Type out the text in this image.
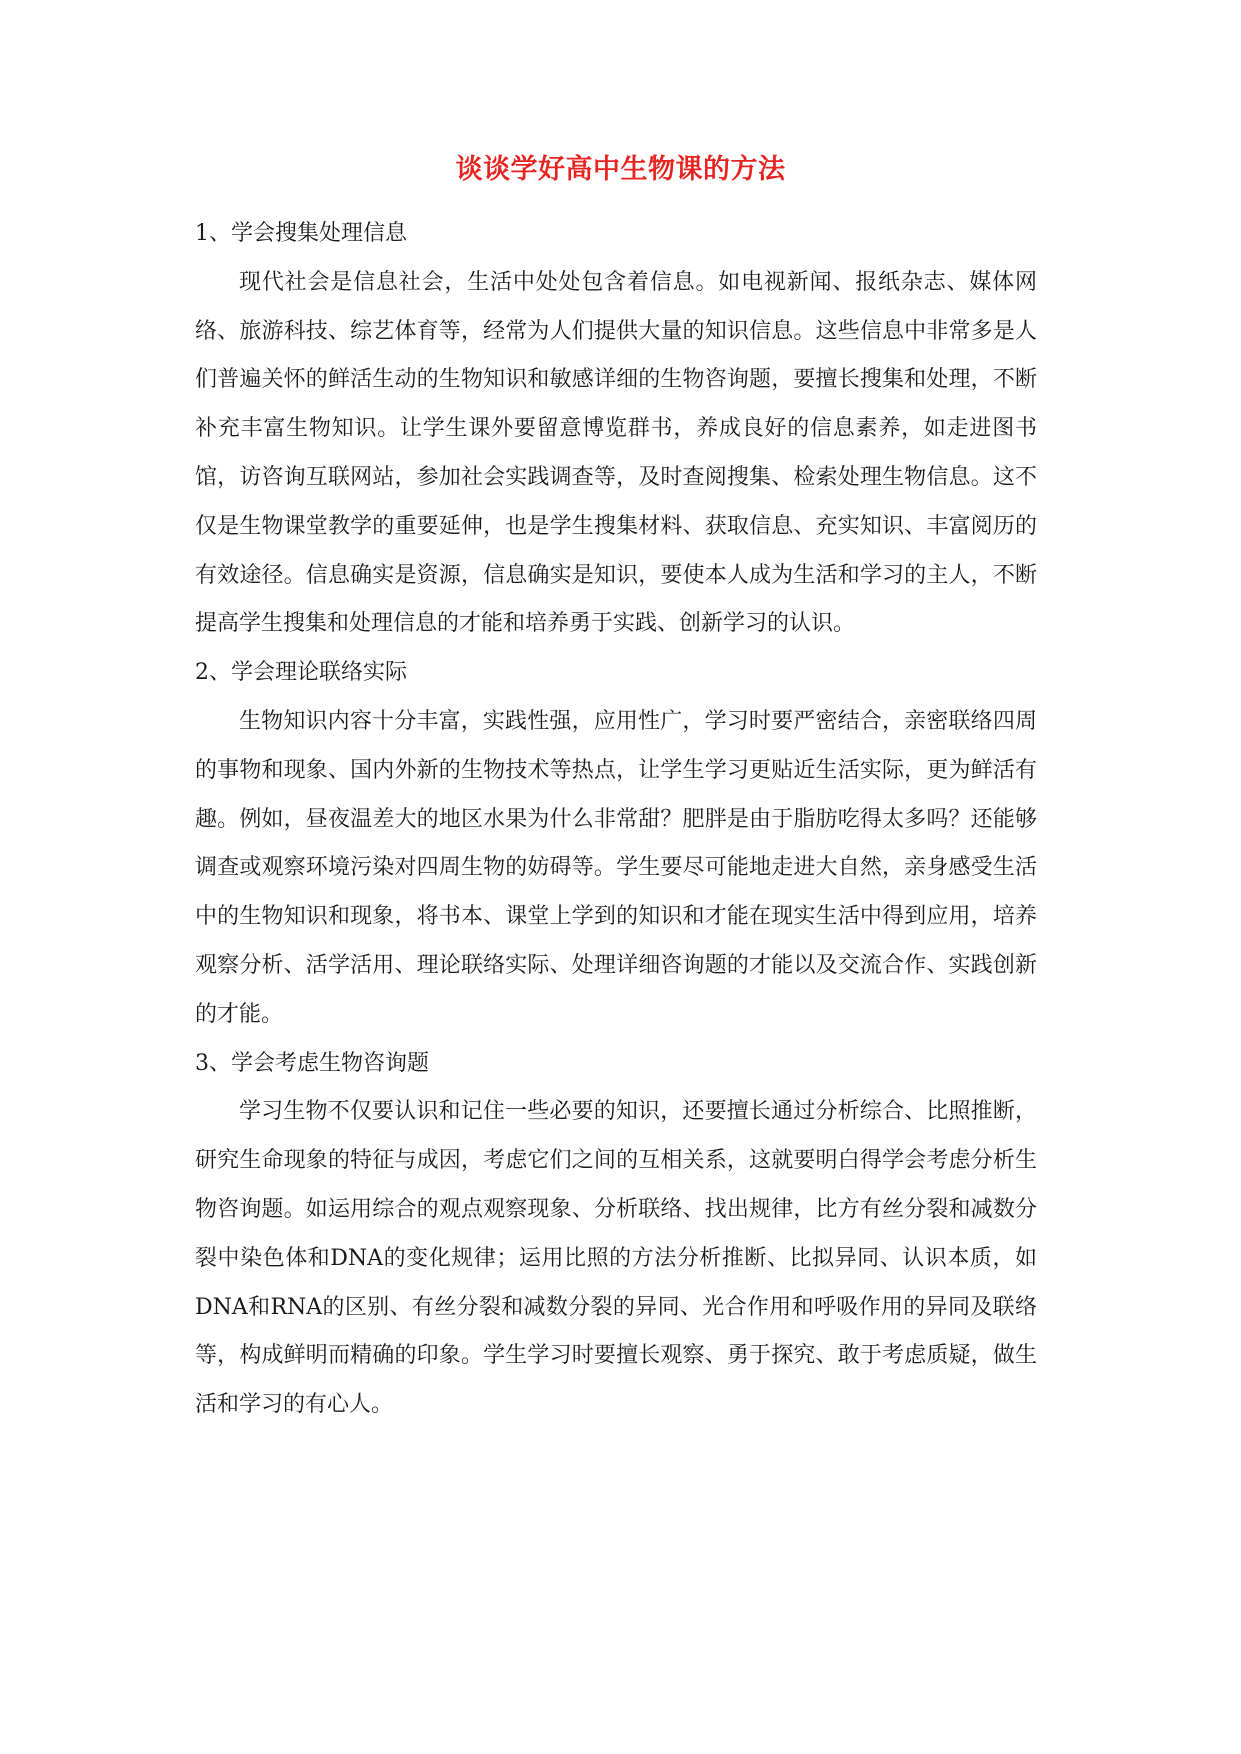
谈谈学好高中生物课的方法

1、学会搜集处理信息

现代社会是信息社会，生活中处处包含着信息。如电视新闻、报纸杂志、媒体网络、旅游科技、综艺体育等，经常为人们提供大量的知识信息。这些信息中非常多是人们普遍关怀的鲜活生动的生物知识和敏感详细的生物咨询题，要擅长搜集和处理，不断补充丰富生物知识。让学生课外要留意博览群书，养成良好的信息素养，如走进图书馆，访咨询互联网站，参加社会实践调查等，及时查阅搜集、检索处理生物信息。这不仅是生物课堂教学的重要延伸，也是学生搜集材料、获取信息、充实知识、丰富阅历的有效途径。信息确实是资源，信息确实是知识，要使本人成为生活和学习的主人，不断提高学生搜集和处理信息的才能和培养勇于实践、创新学习的认识。

2、学会理论联络实际

生物知识内容十分丰富，实践性强，应用性广，学习时要严密结合，亲密联络四周的事物和现象、国内外新的生物技术等热点，让学生学习更贴近生活实际，更为鲜活有趣。例如，昼夜温差大的地区水果为什么非常甜？肥胖是由于脂肪吃得太多吗？还能够调查或观察环境污染对四周生物的妨碍等。学生要尽可能地走进大自然，亲身感受生活中的生物知识和现象，将书本、课堂上学到的知识和才能在现实生活中得到应用，培养观察分析、活学活用、理论联络实际、处理详细咨询题的才能以及交流合作、实践创新的才能。

3、学会考虑生物咨询题

学习生物不仅要认识和记住一些必要的知识，还要擅长通过分析综合、比照推断，研究生命现象的特征与成因，考虑它们之间的互相关系，这就要明白得学会考虑分析生物咨询题。如运用综合的观点观察现象、分析联络、找出规律，比方有丝分裂和减数分裂中染色体和DNA的变化规律；运用比照的方法分析推断、比拟异同、认识本质，如DNA和RNA的区别、有丝分裂和减数分裂的异同、光合作用和呼吸作用的异同及联络等，构成鲜明而精确的印象。学生学习时要擅长观察、勇于探究、敢于考虑质疑，做生活和学习的有心人。
